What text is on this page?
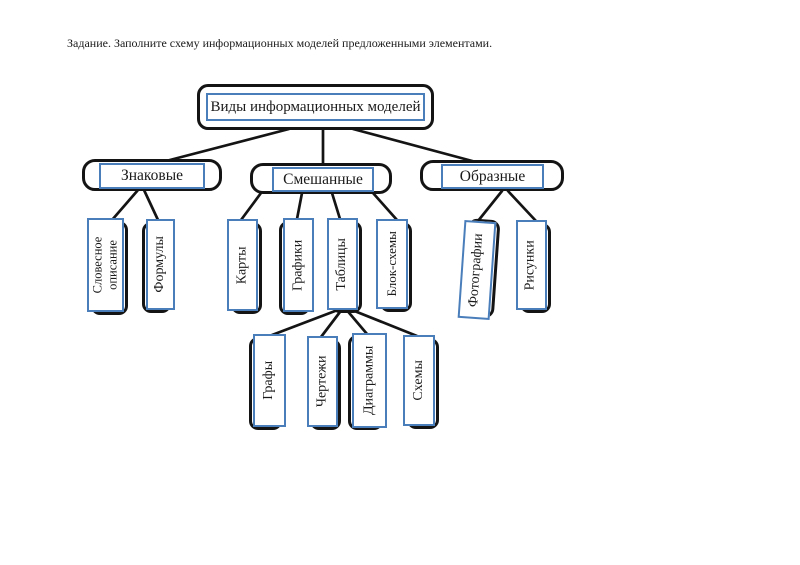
Задание. Заполните схему информационных моделей предложенными элементами.
Виды информационных моделей
Знаковые	Смешанные	Образные
Словесное описание Формулы	Карты	Графики Таблицы	Блок-схемы
Графы	Чертежи Диаграммы Схемы
Фотографии	Рисунки
